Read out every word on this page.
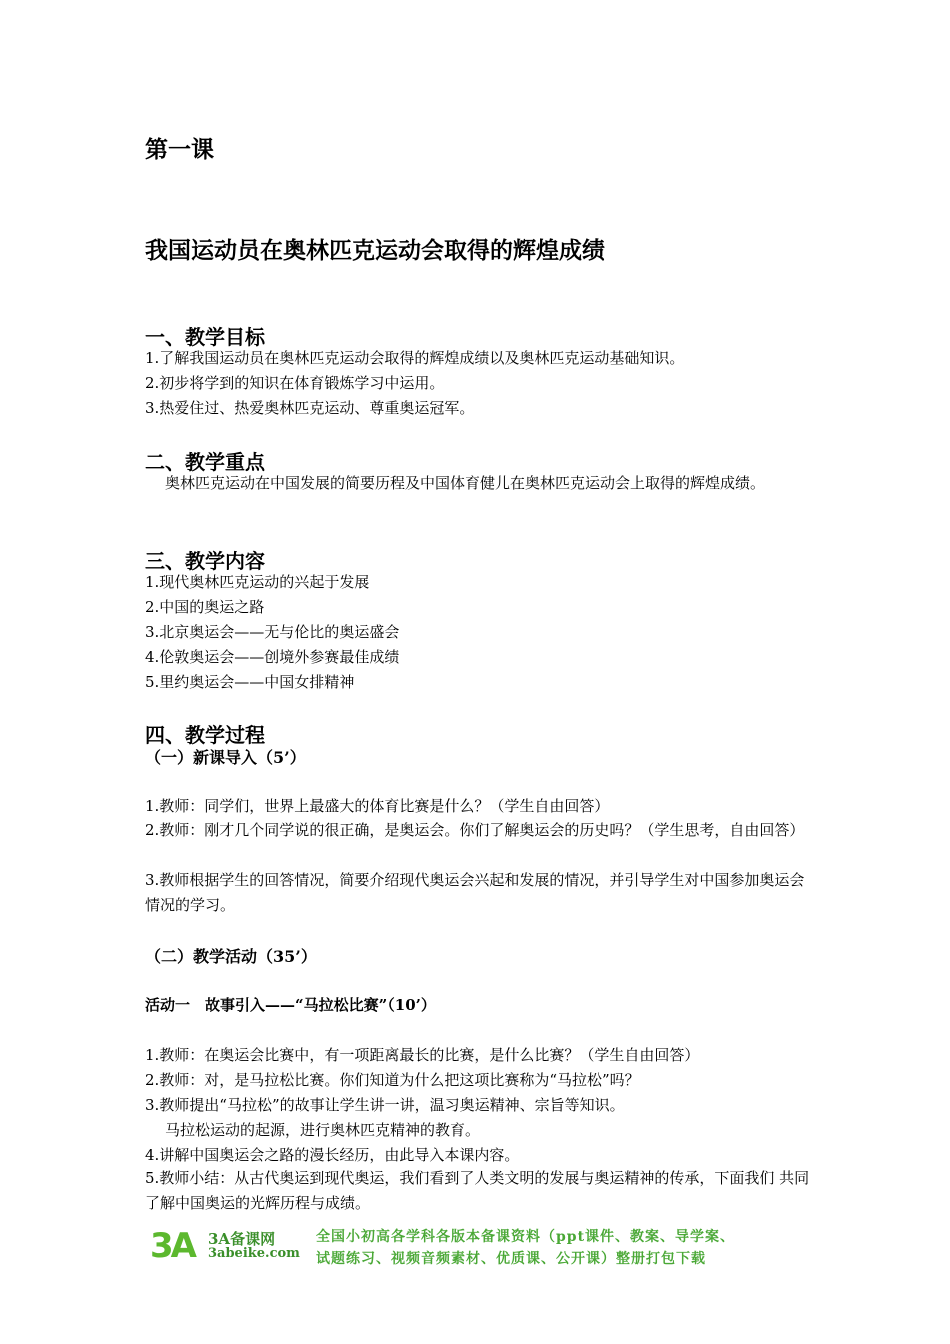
第一课
我国运动员在奥林匹克运动会取得的辉煌成绩
一、教学目标
1.了解我国运动员在奥林匹克运动会取得的辉煌成绩以及奥林匹克运动基础知识。
2.初步将学到的知识在体育锻炼学习中运用。
3.热爱住过、热爱奥林匹克运动、尊重奥运冠军。
二、教学重点
奥林匹克运动在中国发展的简要历程及中国体育健儿在奥林匹克运动会上取得的辉煌成绩。
三、教学内容
1.现代奥林匹克运动的兴起于发展
2.中国的奥运之路
3.北京奥运会——无与伦比的奥运盛会
4.伦敦奥运会——创境外参赛最佳成绩
5.里约奥运会——中国女排精神
四、教学过程
（一）新课导入（5’）
1.教师：同学们，世界上最盛大的体育比赛是什么？（学生自由回答）
2.教师：刚才几个同学说的很正确，是奥运会。你们了解奥运会的历史吗？（学生思考，自由回答）
3.教师根据学生的回答情况，简要介绍现代奥运会兴起和发展的情况，并引导学生对中国参加奥运会情况的学习。
（二）教学活动（35’）
活动一　故事引入——“马拉松比赛”（10’）
1.教师：在奥运会比赛中，有一项距离最长的比赛，是什么比赛？（学生自由回答）
2.教师：对，是马拉松比赛。你们知道为什么把这项比赛称为“马拉松”吗？
3.教师提出“马拉松”的故事让学生讲一讲，温习奥运精神、宗旨等知识。
马拉松运动的起源，进行奥林匹克精神的教育。
4.讲解中国奥运会之路的漫长经历，由此导入本课内容。
5.教师小结：从古代奥运到现代奥运，我们看到了人类文明的发展与奥运精神的传承，下面我们 共同了解中国奥运的光辉历程与成绩。
3A 3A备课网
3abeike.com
全国小初高各学科各版本备课资料（ppt课件、教案、导学案、
试题练习、视频音频素材、优质课、公开课）整册打包下载
